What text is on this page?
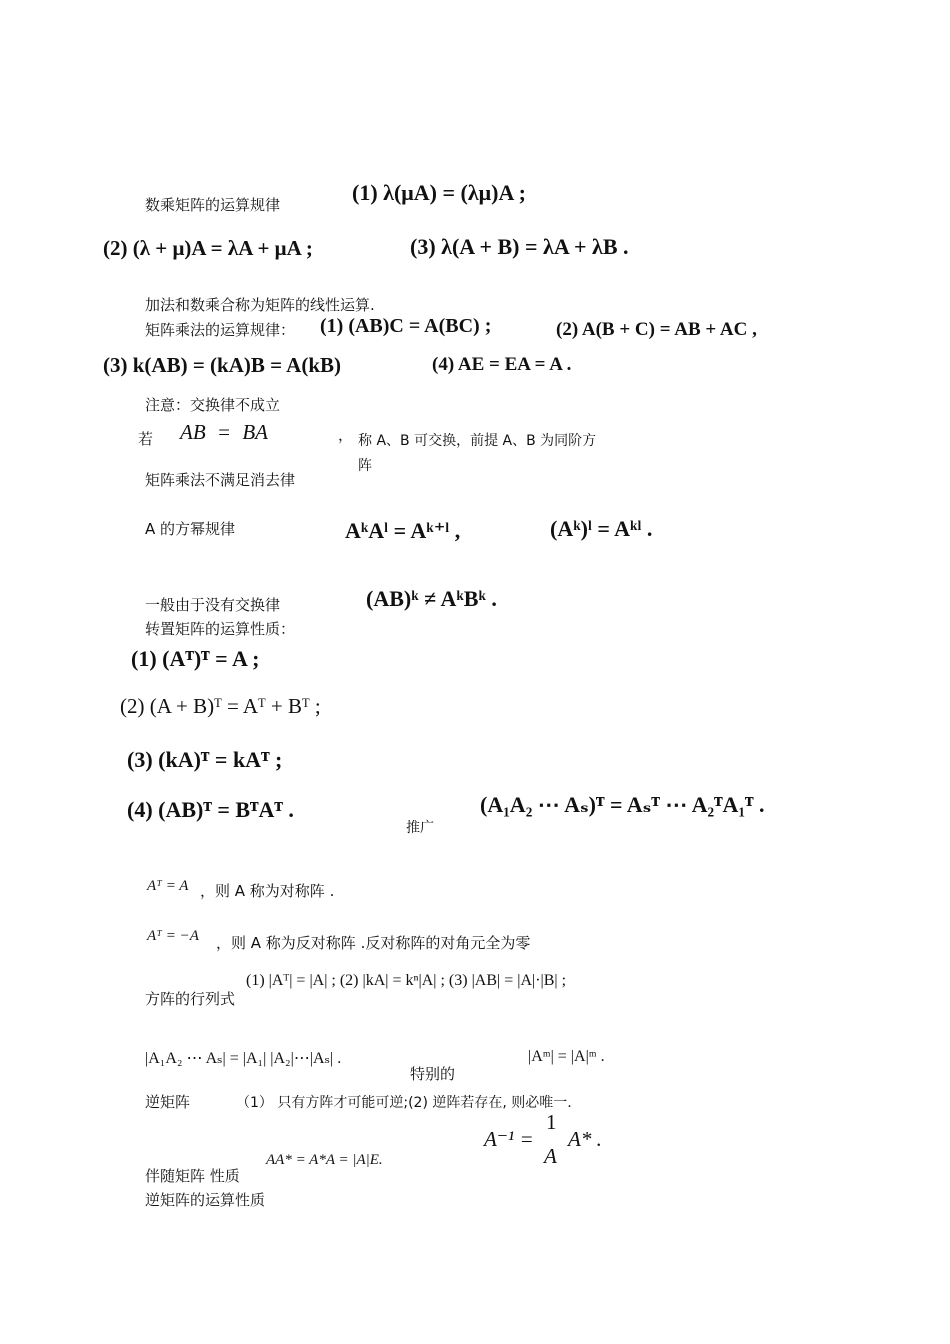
数乘矩阵的运算规律	(1) λ(μA) = (λμ)A ;
(2) (λ + μ)A = λA + μA ;	(3) λ(A + B) = λA + λB .
加法和数乘合称为矩阵的线性运算.
矩阵乘法的运算规律： (1) (AB)C = A(BC) ;	(2) A(B + C) = AB + AC ,
(3) k(AB) = (kA)B = A(kB)	(4) AE = EA = A .
注意：交换律不成立
若 AB = BA	， 称 A、B 可交换，前提 A、B 为同阶方
阵
矩阵乘法不满足消去律
A 的方幂规律	AᵏAˡ = Aᵏ⁺ˡ ,	(Aᵏ)ˡ = Aᵏˡ .
一般由于没有交换律	(AB)ᵏ ≠ AᵏBᵏ .
转置矩阵的运算性质：
(1) (Aᵀ)ᵀ = A ;
(2) (A + B)ᵀ = Aᵀ + Bᵀ ;
(3) (kA)ᵀ = kAᵀ ;
(4) (AB)ᵀ = BᵀAᵀ .
推广
(A₁A₂ ⋯ Aₛ)ᵀ = Aₛᵀ ⋯ A₂ᵀA₁ᵀ .
Aᵀ = A ，则 A 称为对称阵 .
Aᵀ = −A ，则 A 称为反对称阵 .反对称阵的对角元全为零
方阵的行列式
(1) |Aᵀ| = |A| ; (2) |kA| = kⁿ|A| ; (3) |AB| = |A|·|B| ;
|A₁A₂ ⋯ Aₛ| = |A₁| |A₂|⋯|Aₛ| .
特别的
|Aᵐ| = |A|ᵐ .
逆矩阵	（1） 只有方阵才可能可逆;(2) 逆阵若存在, 则必唯一.
A⁻¹ =
1
A
A* .
伴随矩阵 性质
AA* = A*A = |A|E.
逆矩阵的运算性质
